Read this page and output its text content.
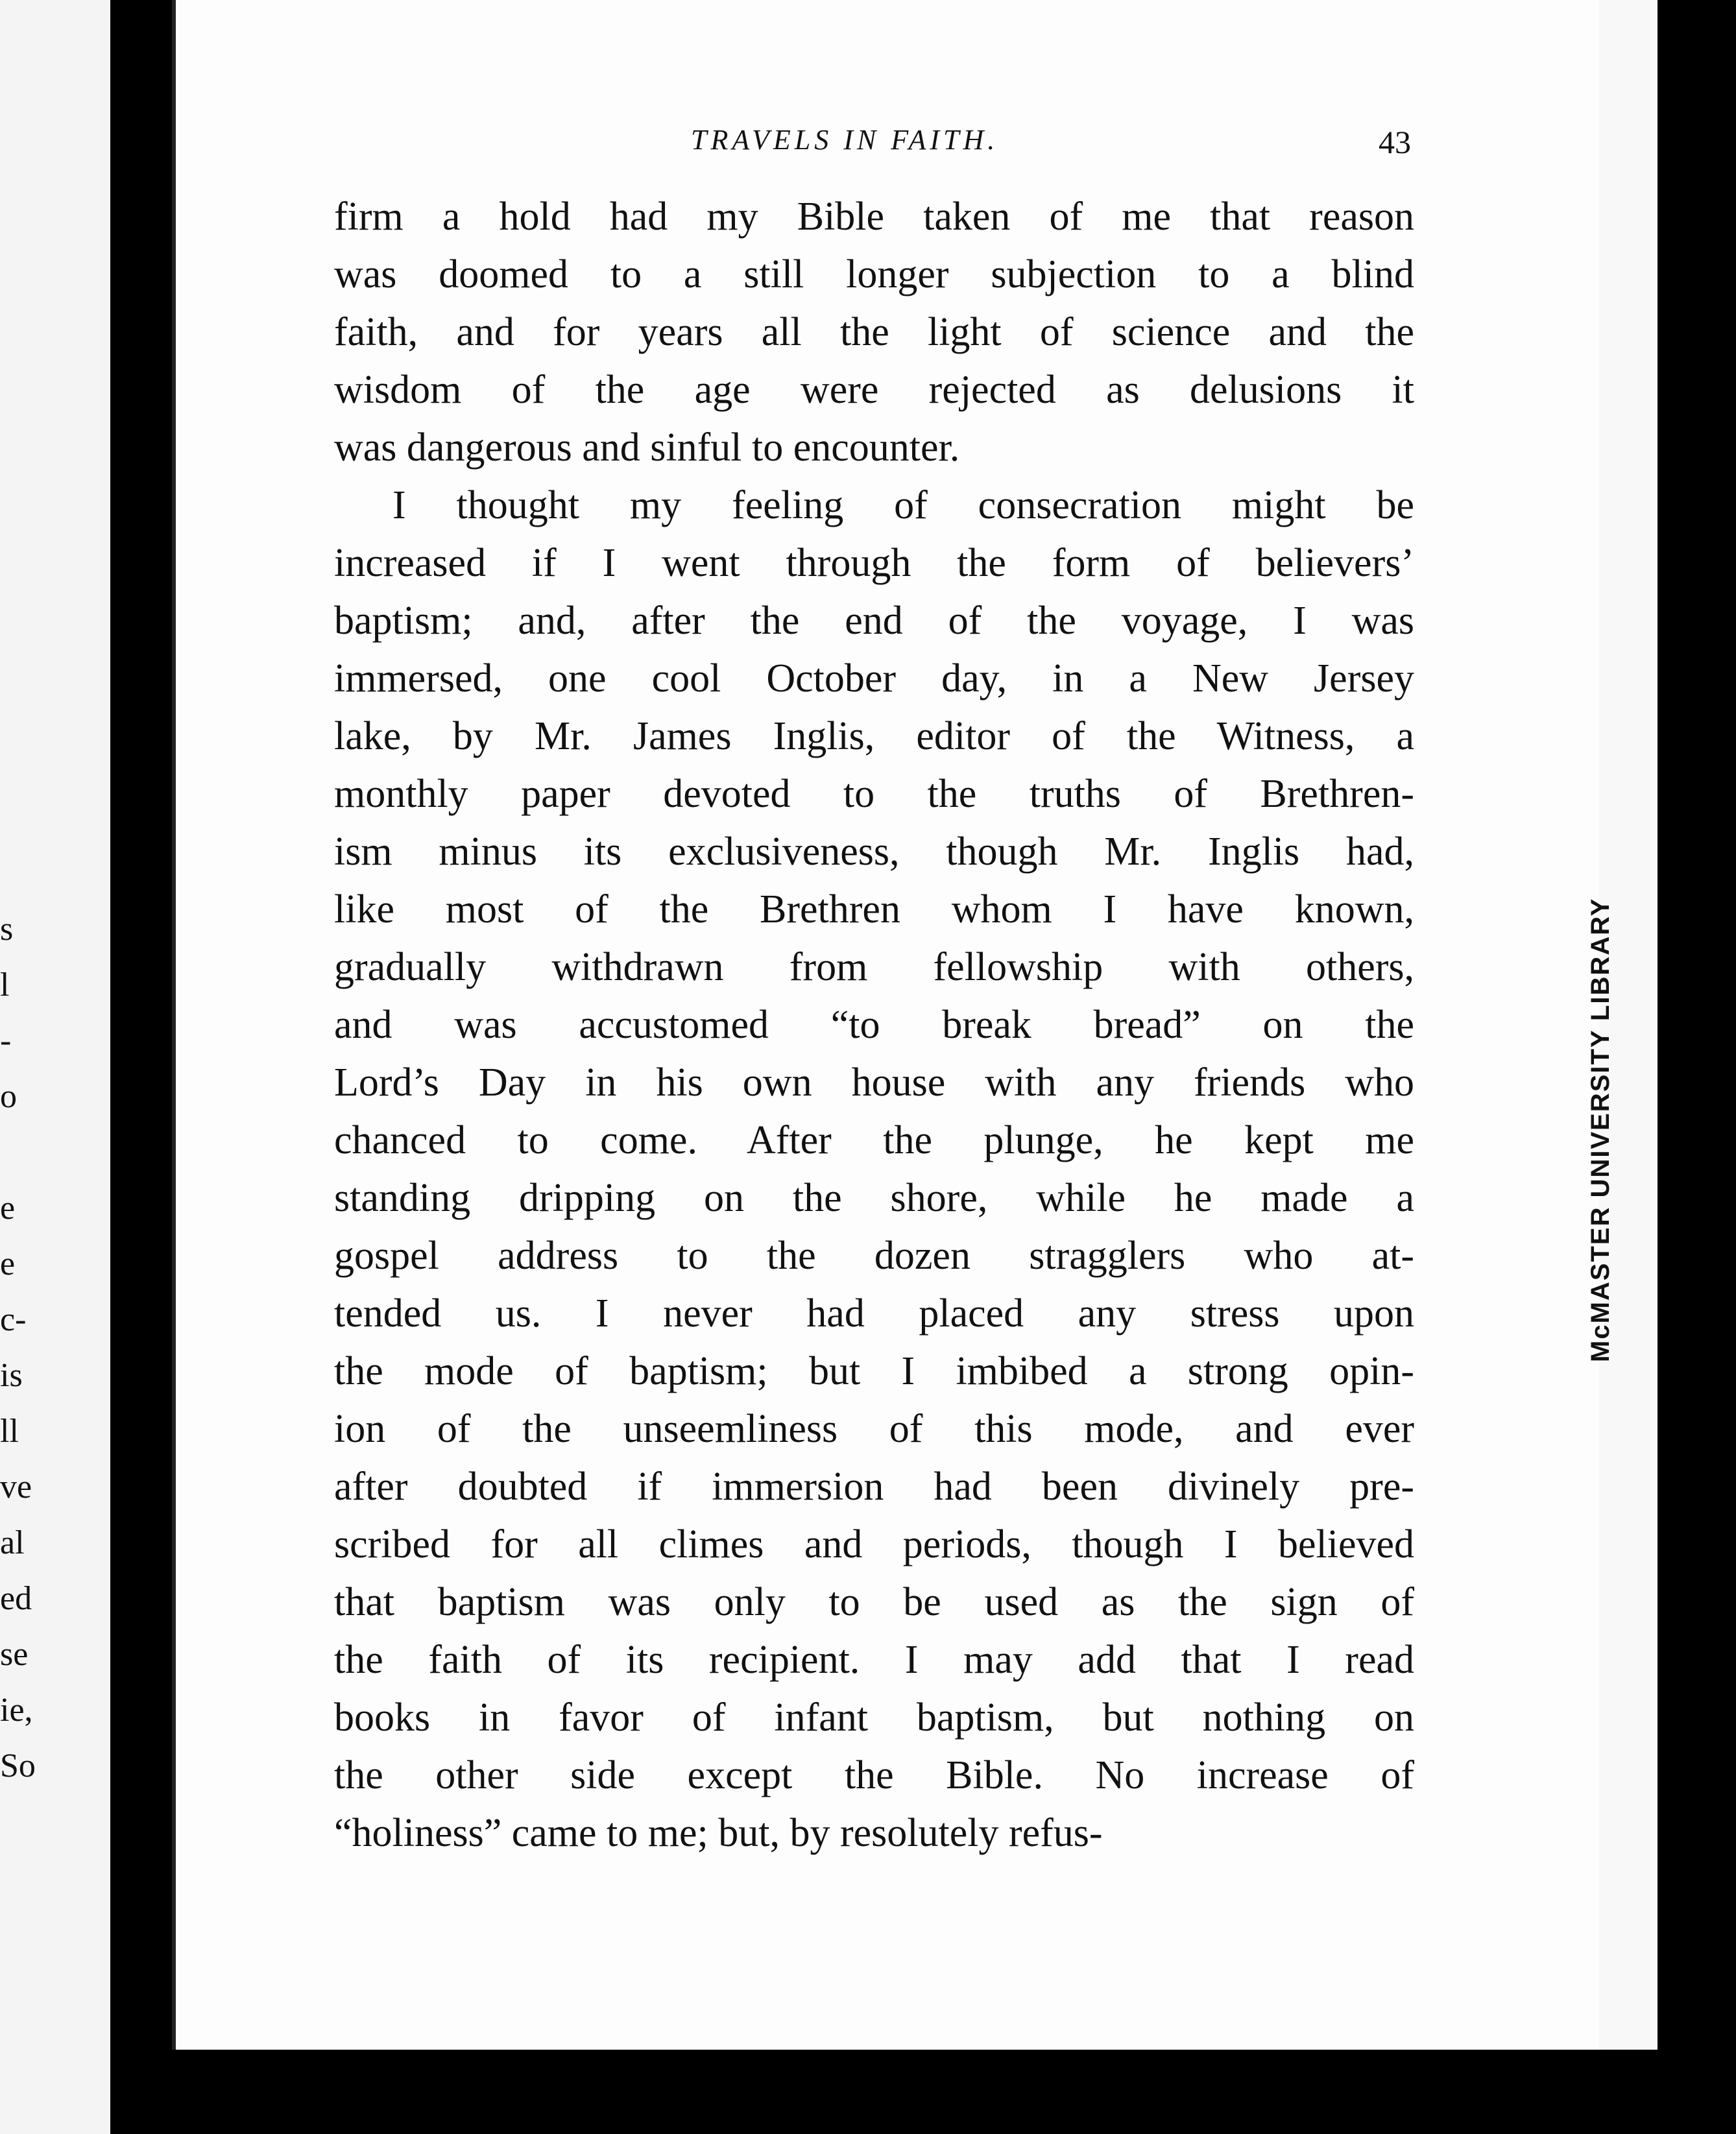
s
l
-
o
e
e
c-
is
ll
ve
al
ed
se
ie,
So
TRAVELS IN FAITH.	43
firm a hold had my Bible taken of me that reason
was doomed to a still longer subjection to a blind
faith, and for years all the light of science and the
wisdom of the age were rejected as delusions it
was dangerous and sinful to encounter.
I thought my feeling of consecration might be
increased if I went through the form of believers’
baptism; and, after the end of the voyage, I was
immersed, one cool October day, in a New Jersey
lake, by Mr. James Inglis, editor of the Witness, a
monthly paper devoted to the truths of Brethren-
ism minus its exclusiveness, though Mr. Inglis had,
like most of the Brethren whom I have known,
gradually withdrawn from fellowship with others,
and was accustomed “to break bread” on the
Lord’s Day in his own house with any friends who
chanced to come. After the plunge, he kept me
standing dripping on the shore, while he made a
gospel address to the dozen stragglers who at-
tended us. I never had placed any stress upon
the mode of baptism; but I imbibed a strong opin-
ion of the unseemliness of this mode, and ever
after doubted if immersion had been divinely pre-
scribed for all climes and periods, though I believed
that baptism was only to be used as the sign of
the faith of its recipient. I may add that I read
books in favor of infant baptism, but nothing on
the other side except the Bible. No increase of
“holiness” came to me; but, by resolutely refus-
McMASTER UNIVERSITY LIBRARY
